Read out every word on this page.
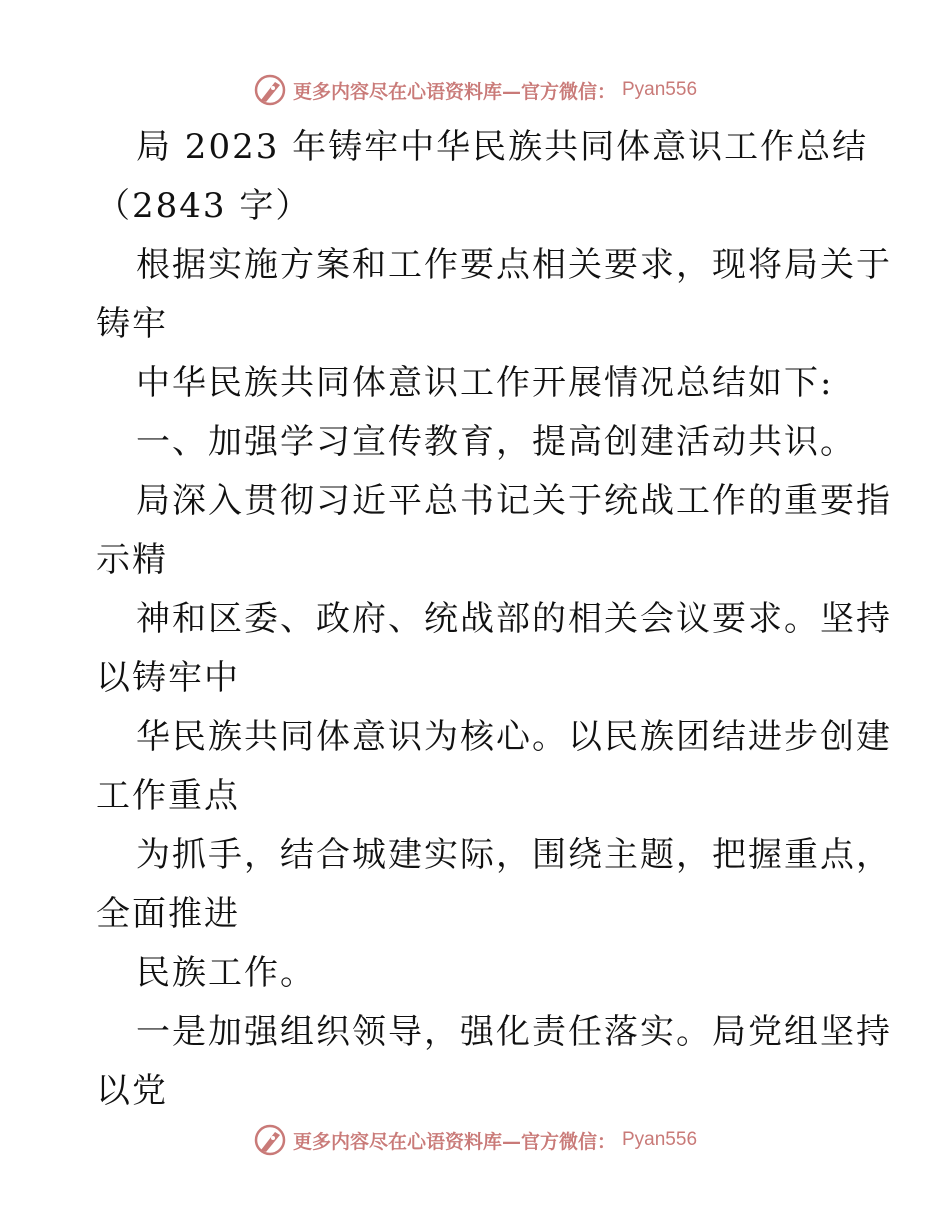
更多内容尽在心语资料库—官方微信： Pyan556
局 2023 年铸牢中华民族共同体意识工作总结
（2843 字）
根据实施方案和工作要点相关要求，现将局关于
铸牢
中华民族共同体意识工作开展情况总结如下:
一、加强学习宣传教育，提高创建活动共识。
局深入贯彻习近平总书记关于统战工作的重要指
示精
神和区委、政府、统战部的相关会议要求。坚持
以铸牢中
华民族共同体意识为核心。以民族团结进步创建
工作重点
为抓手，结合城建实际，围绕主题，把握重点，
全面推进
民族工作。
一是加强组织领导，强化责任落实。局党组坚持
以党
更多内容尽在心语资料库—官方微信： Pyan556
